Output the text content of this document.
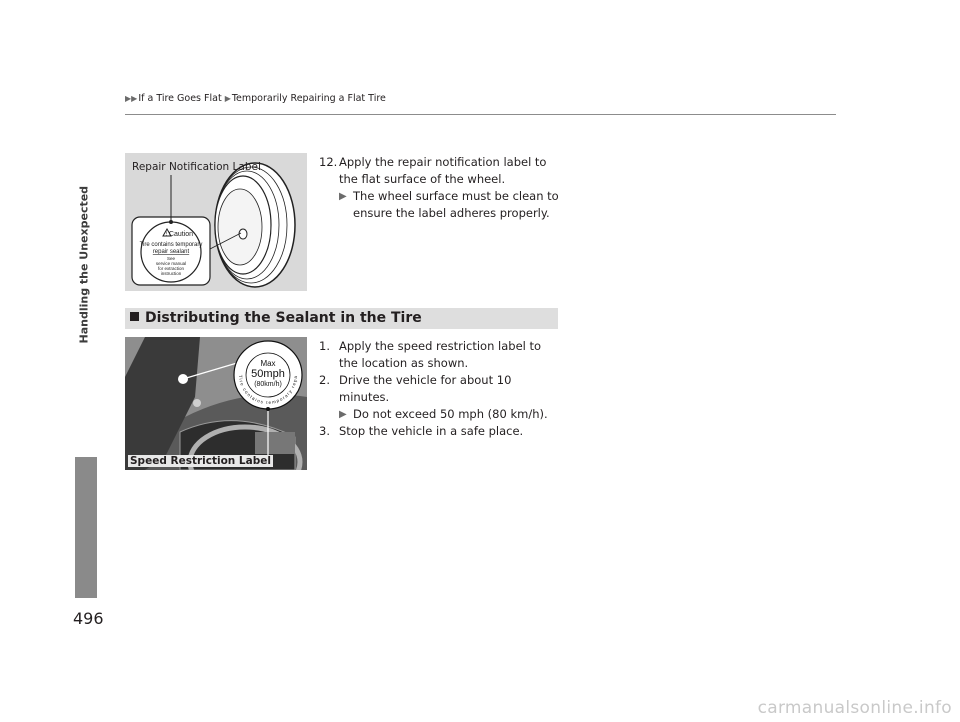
▶▶If a Tire Goes Flat ▶Temporarily Repairing a Flat Tire
Handling the Unexpected
496
! Caution
Tire contains temporary
repair sealant
See
service manual
for extraction
instruction
Repair Notification Label	12. Apply the repair notification label to the flat surface of the wheel.
▶ The wheel surface must be clean to ensure the label adheres properly.
Distributing the Sealant in the Tire
Max
50mph
(80km/h)
Tire contains temporary repa
Speed Restriction Label
1. Apply the speed restriction label to the location as shown.
2. Drive the vehicle for about 10 minutes.
▶ Do not exceed 50 mph (80 km/h).
3. Stop the vehicle in a safe place.
carmanualsonline.info
